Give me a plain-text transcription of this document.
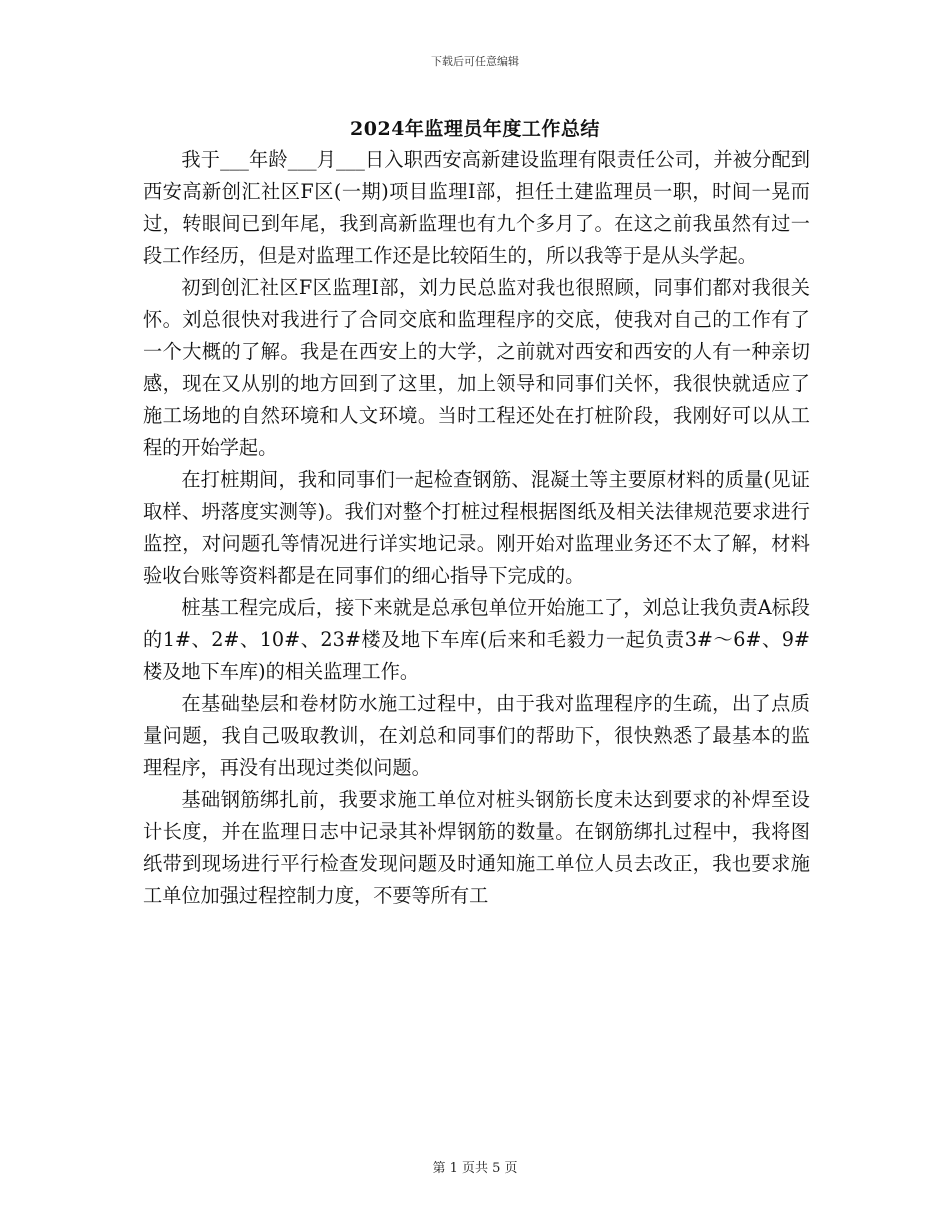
下载后可任意编辑
2024年监理员年度工作总结

我于___年龄___月___日入职西安高新建设监理有限责任公司，并被分配到西安高新创汇社区F区(一期)项目监理I部，担任土建监理员一职，时间一晃而过，转眼间已到年尾，我到高新监理也有九个多月了。在这之前我虽然有过一段工作经历，但是对监理工作还是比较陌生的，所以我等于是从头学起。

初到创汇社区F区监理I部，刘力民总监对我也很照顾，同事们都对我很关怀。刘总很快对我进行了合同交底和监理程序的交底，使我对自己的工作有了一个大概的了解。我是在西安上的大学，之前就对西安和西安的人有一种亲切感，现在又从别的地方回到了这里，加上领导和同事们关怀，我很快就适应了施工场地的自然环境和人文环境。当时工程还处在打桩阶段，我刚好可以从工程的开始学起。

在打桩期间，我和同事们一起检查钢筋、混凝土等主要原材料的质量(见证取样、坍落度实测等)。我们对整个打桩过程根据图纸及相关法律规范要求进行监控，对问题孔等情况进行详实地记录。刚开始对监理业务还不太了解，材料验收台账等资料都是在同事们的细心指导下完成的。

桩基工程完成后，接下来就是总承包单位开始施工了，刘总让我负责A标段的1#、2#、10#、23#楼及地下车库(后来和毛毅力一起负责3#～6#、9#楼及地下车库)的相关监理工作。

在基础垫层和卷材防水施工过程中，由于我对监理程序的生疏，出了点质量问题，我自己吸取教训，在刘总和同事们的帮助下，很快熟悉了最基本的监理程序，再没有出现过类似问题。

基础钢筋绑扎前，我要求施工单位对桩头钢筋长度未达到要求的补焊至设计长度，并在监理日志中记录其补焊钢筋的数量。在钢筋绑扎过程中，我将图纸带到现场进行平行检查发现问题及时通知施工单位人员去改正，我也要求施工单位加强过程控制力度，不要等所有工

第 1 页共 5 页
